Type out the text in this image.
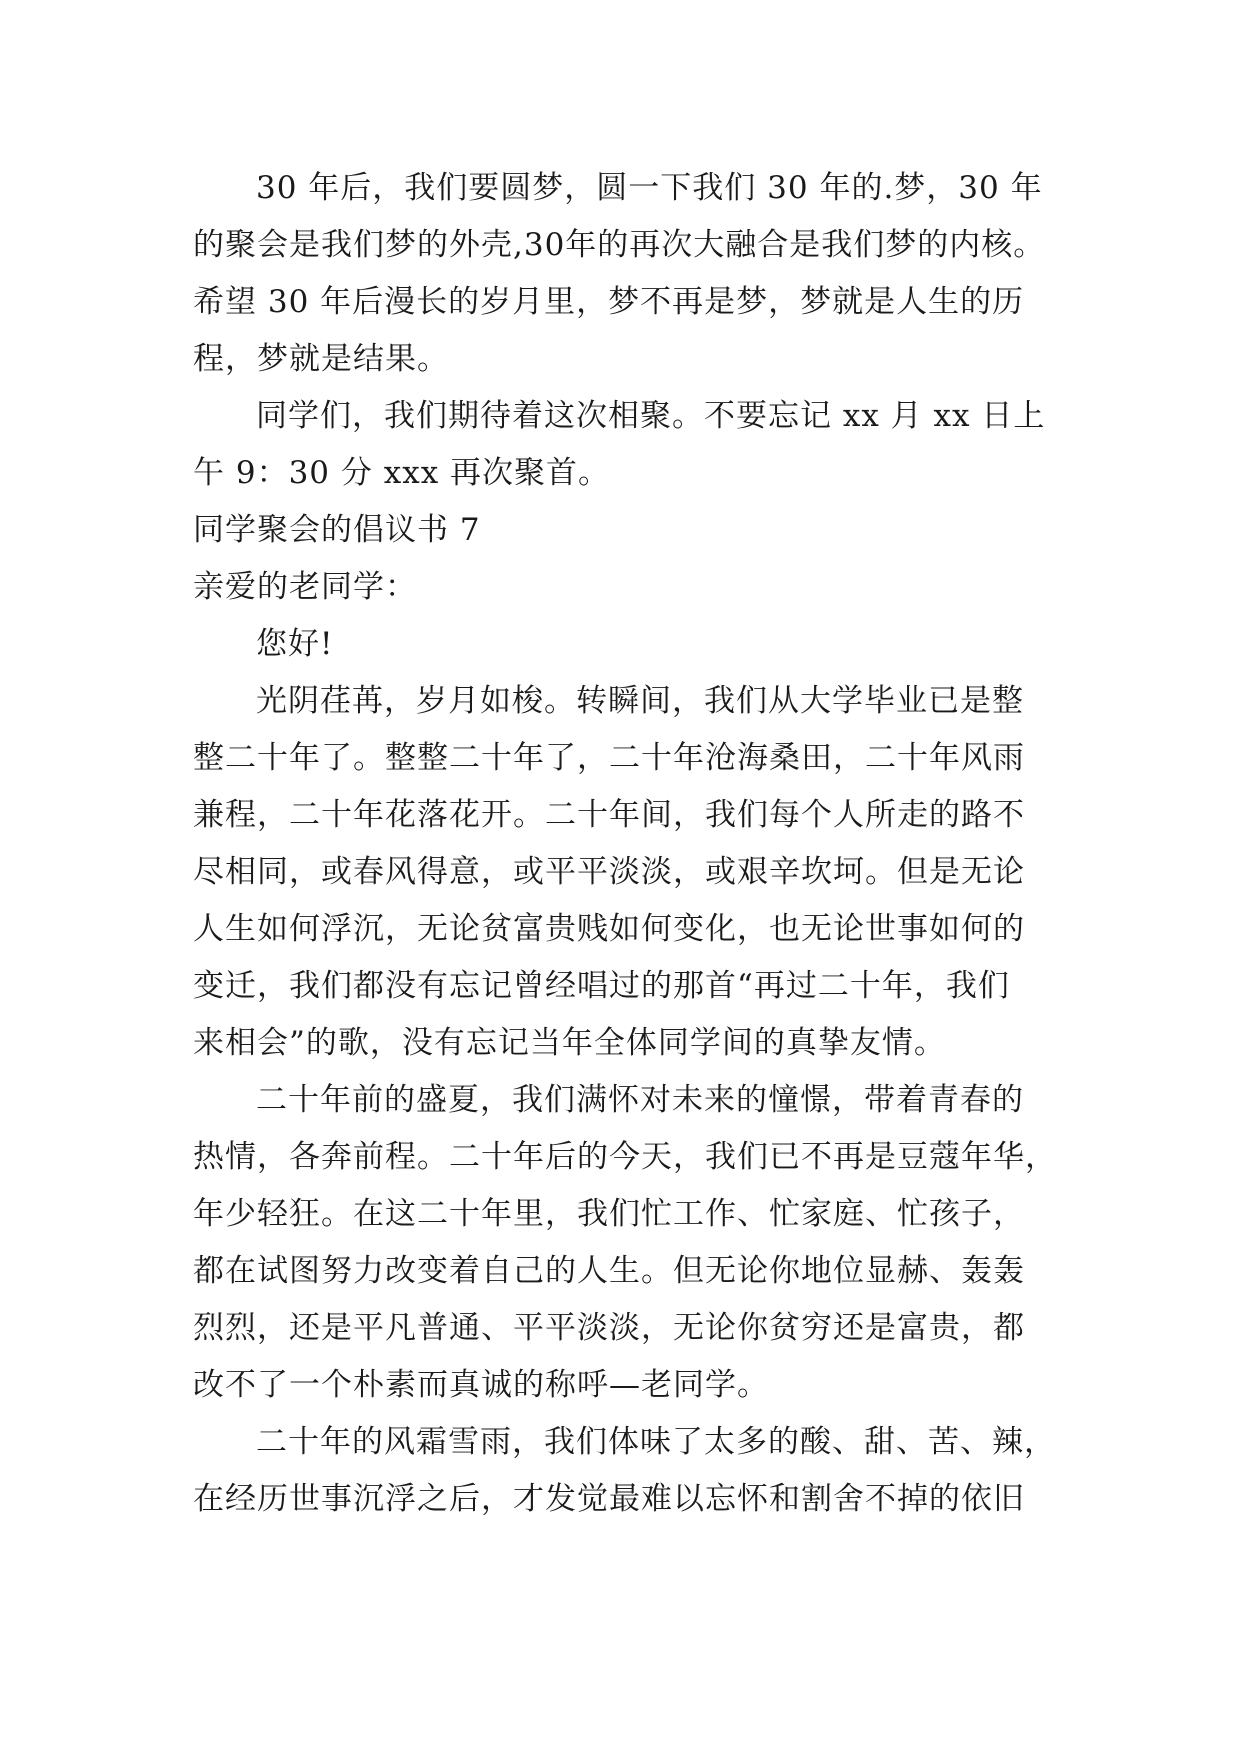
30 年后，我们要圆梦，圆一下我们 30 年的.梦，30 年
的聚会是我们梦的外壳,30年的再次大融合是我们梦的内核。
希望 30 年后漫长的岁月里，梦不再是梦，梦就是人生的历
程，梦就是结果。
同学们，我们期待着这次相聚。不要忘记 xx 月 xx 日上
午 9：30 分 xxx 再次聚首。
同学聚会的倡议书 7
亲爱的老同学：
您好!
光阴荏苒，岁月如梭。转瞬间，我们从大学毕业已是整
整二十年了。整整二十年了，二十年沧海桑田，二十年风雨
兼程，二十年花落花开。二十年间，我们每个人所走的路不
尽相同，或春风得意，或平平淡淡，或艰辛坎坷。但是无论
人生如何浮沉，无论贫富贵贱如何变化，也无论世事如何的
变迁，我们都没有忘记曾经唱过的那首“再过二十年，我们
来相会”的歌，没有忘记当年全体同学间的真挚友情。
二十年前的盛夏，我们满怀对未来的憧憬，带着青春的
热情，各奔前程。二十年后的今天，我们已不再是豆蔻年华，
年少轻狂。在这二十年里，我们忙工作、忙家庭、忙孩子，
都在试图努力改变着自己的人生。但无论你地位显赫、轰轰
烈烈，还是平凡普通、平平淡淡，无论你贫穷还是富贵，都
改不了一个朴素而真诚的称呼—老同学。
二十年的风霜雪雨，我们体味了太多的酸、甜、苦、辣，
在经历世事沉浮之后，才发觉最难以忘怀和割舍不掉的依旧
